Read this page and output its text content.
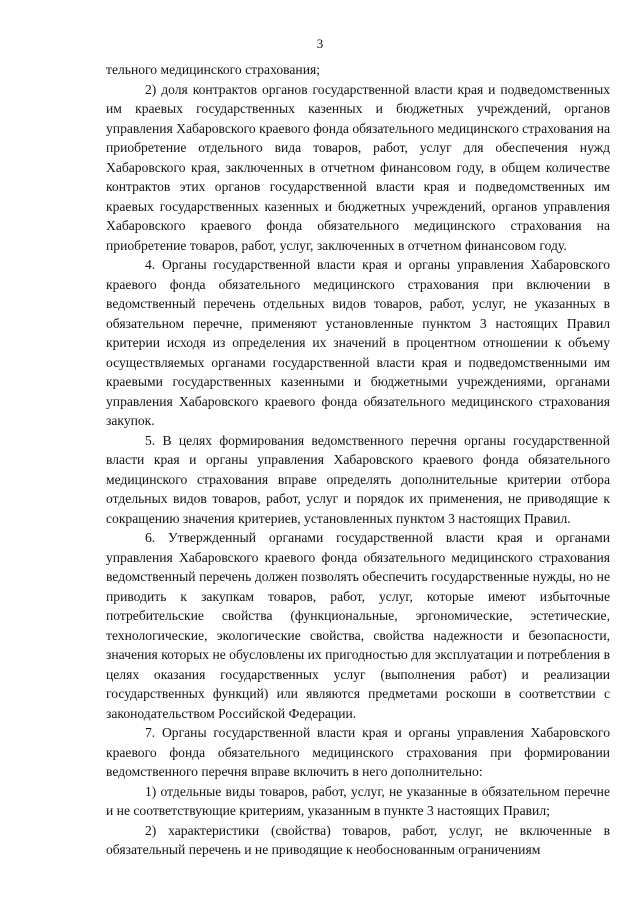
3

тельного медицинского страхования;

2) доля контрактов органов государственной власти края и подведомственных им краевых государственных казенных и бюджетных учреждений, органов управления Хабаровского краевого фонда обязательного медицинского страхования на приобретение отдельного вида товаров, работ, услуг для обеспечения нужд Хабаровского края, заключенных в отчетном финансовом году, в общем количестве контрактов этих органов государственной власти края и подведомственных им краевых государственных казенных и бюджетных учреждений, органов управления Хабаровского краевого фонда обязательного медицинского страхования на приобретение товаров, работ, услуг, заключенных в отчетном финансовом году.

4. Органы государственной власти края и органы управления Хабаровского краевого фонда обязательного медицинского страхования при включении в ведомственный перечень отдельных видов товаров, работ, услуг, не указанных в обязательном перечне, применяют установленные пунктом 3 настоящих Правил критерии исходя из определения их значений в процентном отношении к объему осуществляемых органами государственной власти края и подведомственными им краевыми государственных казенными и бюджетными учреждениями, органами управления Хабаровского краевого фонда обязательного медицинского страхования закупок.

5. В целях формирования ведомственного перечня органы государственной власти края и органы управления Хабаровского краевого фонда обязательного медицинского страхования вправе определять дополнительные критерии отбора отдельных видов товаров, работ, услуг и порядок их применения, не приводящие к сокращению значения критериев, установленных пунктом 3 настоящих Правил.

6. Утвержденный органами государственной власти края и органами управления Хабаровского краевого фонда обязательного медицинского страхования ведомственный перечень должен позволять обеспечить государственные нужды, но не приводить к закупкам товаров, работ, услуг, которые имеют избыточные потребительские свойства (функциональные, эргономические, эстетические, технологические, экологические свойства, свойства надежности и безопасности, значения которых не обусловлены их пригодностью для эксплуатации и потребления в целях оказания государственных услуг (выполнения работ) и реализации государственных функций) или являются предметами роскоши в соответствии с законодательством Российской Федерации.

7. Органы государственной власти края и органы управления Хабаровского краевого фонда обязательного медицинского страхования при формировании ведомственного перечня вправе включить в него дополнительно:

1) отдельные виды товаров, работ, услуг, не указанные в обязательном перечне и не соответствующие критериям, указанным в пункте 3 настоящих Правил;

2) характеристики (свойства) товаров, работ, услуг, не включенные в обязательный перечень и не приводящие к необоснованным ограничениям
